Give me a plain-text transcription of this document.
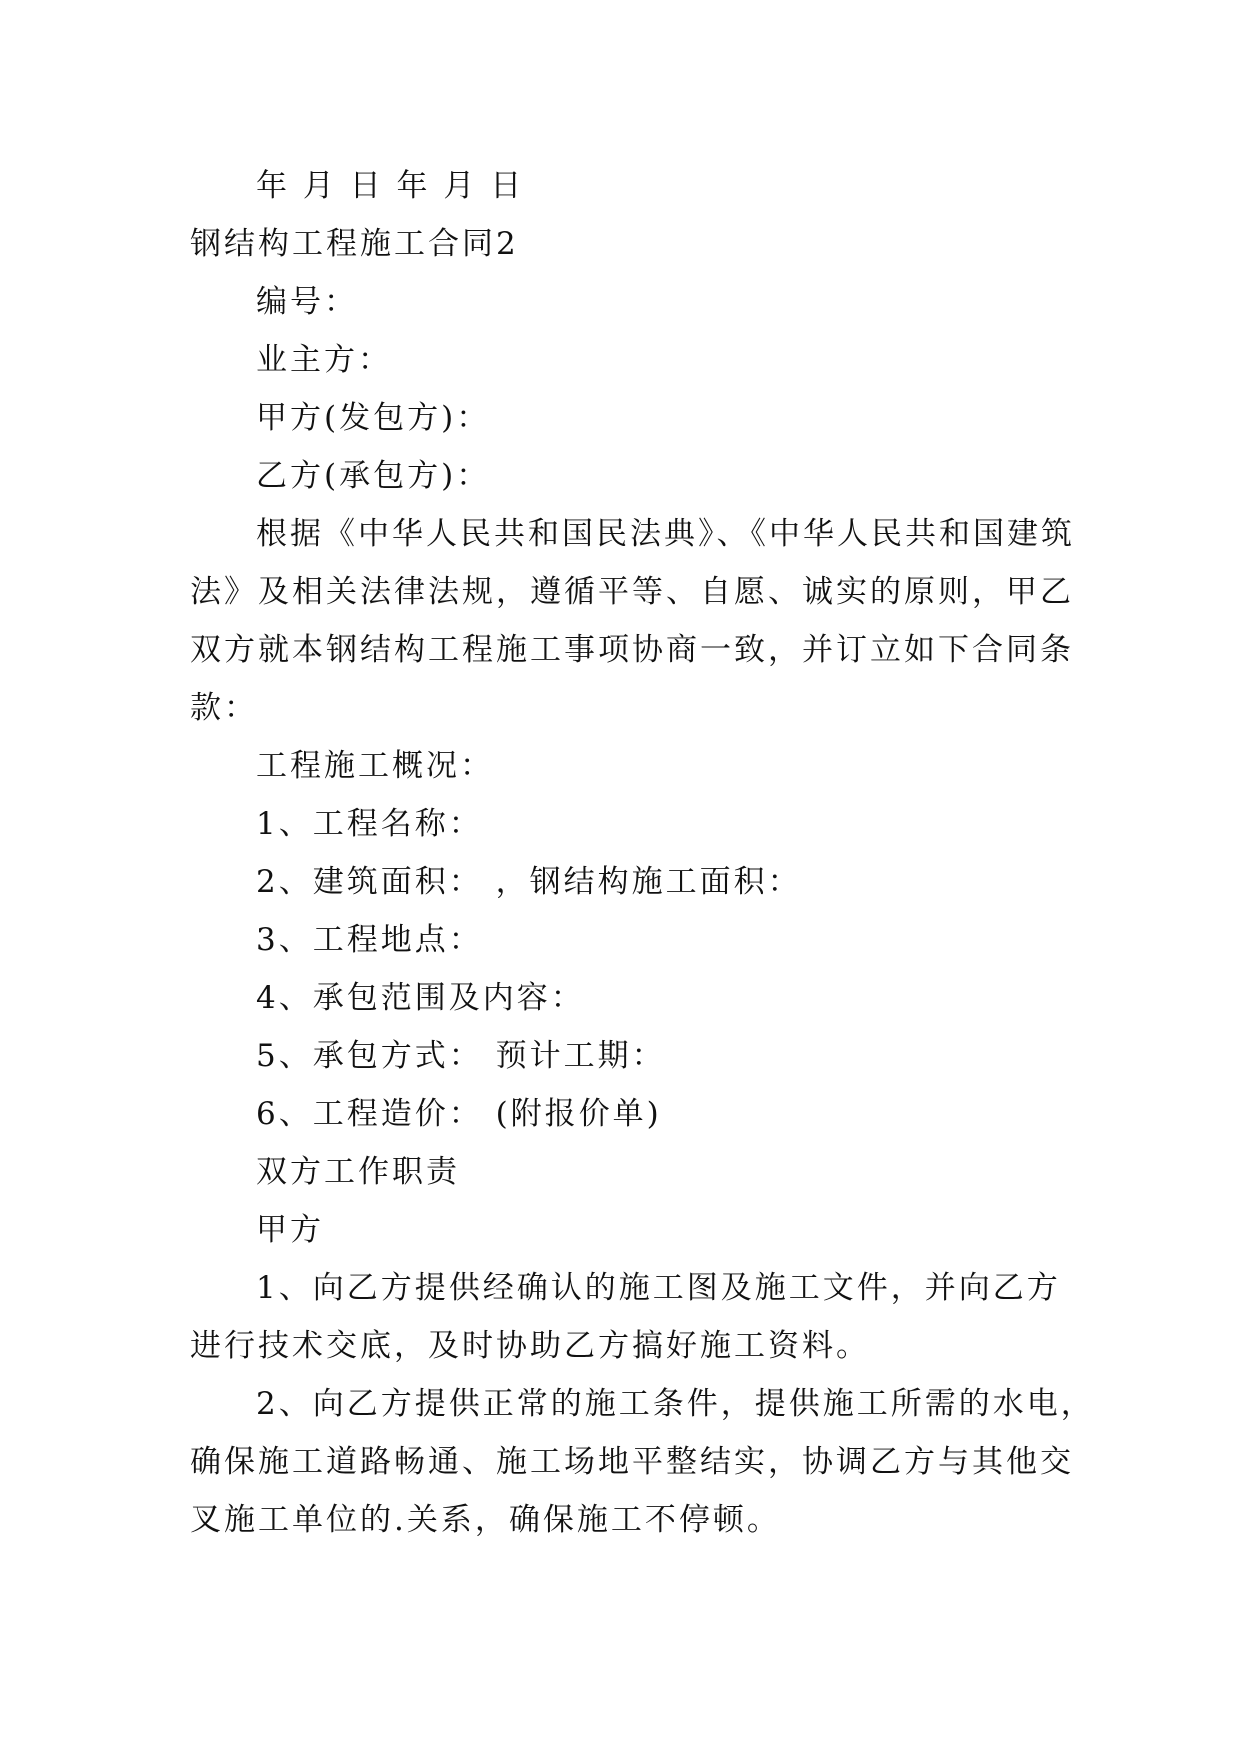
年 月 日 年 月 日
钢结构工程施工合同2
编号：
业主方：
甲方(发包方)：
乙方(承包方)：
根据《中华人民共和国民法典》、《中华人民共和国建筑
法》及相关法律法规，遵循平等、自愿、诚实的原则，甲乙
双方就本钢结构工程施工事项协商一致，并订立如下合同条
款：
工程施工概况：
1、工程名称：
2、建筑面积： ，钢结构施工面积：
3、工程地点：
4、承包范围及内容：
5、承包方式： 预计工期：
6、工程造价： (附报价单)
双方工作职责
甲方
1、向乙方提供经确认的施工图及施工文件，并向乙方
进行技术交底，及时协助乙方搞好施工资料。
2、向乙方提供正常的施工条件，提供施工所需的水电，
确保施工道路畅通、施工场地平整结实，协调乙方与其他交
叉施工单位的.关系，确保施工不停顿。
